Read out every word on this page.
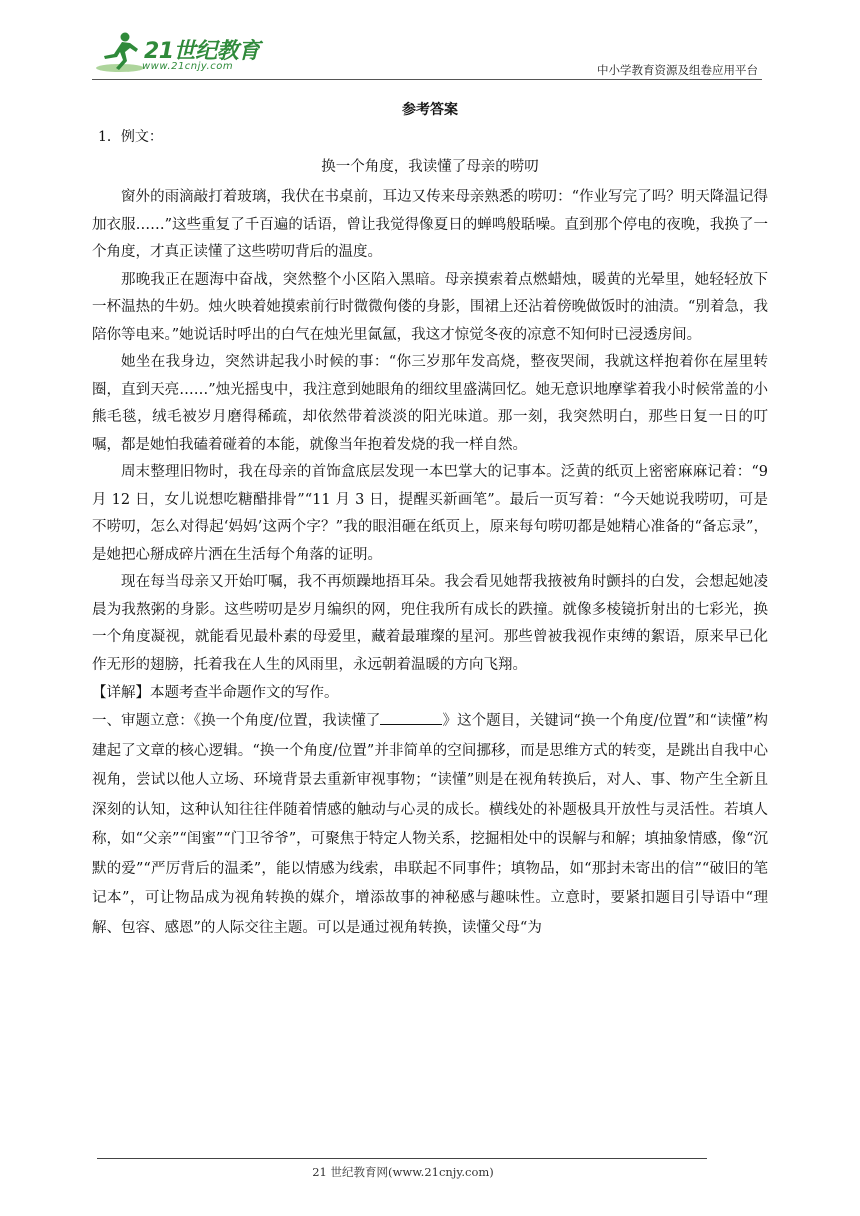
21世纪教育
www.21cnjy.com	中小学教育资源及组卷应用平台
参考答案
1．例文：
换一个角度，我读懂了母亲的唠叨

窗外的雨滴敲打着玻璃，我伏在书桌前，耳边又传来母亲熟悉的唠叨：“作业写完了吗？明天降温记得加衣服……”这些重复了千百遍的话语，曾让我觉得像夏日的蝉鸣般聒噪。直到那个停电的夜晚，我换了一个角度，才真正读懂了这些唠叨背后的温度。

那晚我正在题海中奋战，突然整个小区陷入黑暗。母亲摸索着点燃蜡烛，暖黄的光晕里，她轻轻放下一杯温热的牛奶。烛火映着她摸索前行时微微佝偻的身影，围裙上还沾着傍晚做饭时的油渍。“别着急，我陪你等电来。”她说话时呼出的白气在烛光里氤氲，我这才惊觉冬夜的凉意不知何时已浸透房间。

她坐在我身边，突然讲起我小时候的事：“你三岁那年发高烧，整夜哭闹，我就这样抱着你在屋里转圈，直到天亮……”烛光摇曳中，我注意到她眼角的细纹里盛满回忆。她无意识地摩挲着我小时候常盖的小熊毛毯，绒毛被岁月磨得稀疏，却依然带着淡淡的阳光味道。那一刻，我突然明白，那些日复一日的叮嘱，都是她怕我磕着碰着的本能，就像当年抱着发烧的我一样自然。

周末整理旧物时，我在母亲的首饰盒底层发现一本巴掌大的记事本。泛黄的纸页上密密麻麻记着：“9 月 12 日，女儿说想吃糖醋排骨”“11 月 3 日，提醒买新画笔”。最后一页写着：“今天她说我唠叨，可是不唠叨，怎么对得起‘妈妈’这两个字？”我的眼泪砸在纸页上，原来每句唠叨都是她精心准备的“备忘录”，是她把心掰成碎片洒在生活每个角落的证明。

现在每当母亲又开始叮嘱，我不再烦躁地捂耳朵。我会看见她帮我掖被角时颤抖的白发，会想起她凌晨为我熬粥的身影。这些唠叨是岁月编织的网，兜住我所有成长的跌撞。就像多棱镜折射出的七彩光，换一个角度凝视，就能看见最朴素的母爱里，藏着最璀璨的星河。那些曾被我视作束缚的絮语，原来早已化作无形的翅膀，托着我在人生的风雨里，永远朝着温暖的方向飞翔。

【详解】本题考查半命题作文的写作。

一、审题立意：《换一个角度/位置，我读懂了	》这个题目，关键词“换一个角度/位置”和“读懂”构建起了文章的核心逻辑。“换一个角度/位置”并非简单的空间挪移，而是思维方式的转变，是跳出自我中心视角，尝试以他人立场、环境背景去重新审视事物；“读懂”则是在视角转换后，对人、事、物产生全新且深刻的认知，这种认知往往伴随着情感的触动与心灵的成长。横线处的补题极具开放性与灵活性。若填人称，如“父亲”“闺蜜”“门卫爷爷”，可聚焦于特定人物关系，挖掘相处中的误解与和解；填抽象情感，像“沉默的爱”“严厉背后的温柔”，能以情感为线索，串联起不同事件；填物品，如“那封未寄出的信”“破旧的笔记本”，可让物品成为视角转换的媒介，增添故事的神秘感与趣味性。立意时，要紧扣题目引导语中“理解、包容、感恩”的人际交往主题。可以是通过视角转换，读懂父母“为

21 世纪教育网(www.21cnjy.com)
